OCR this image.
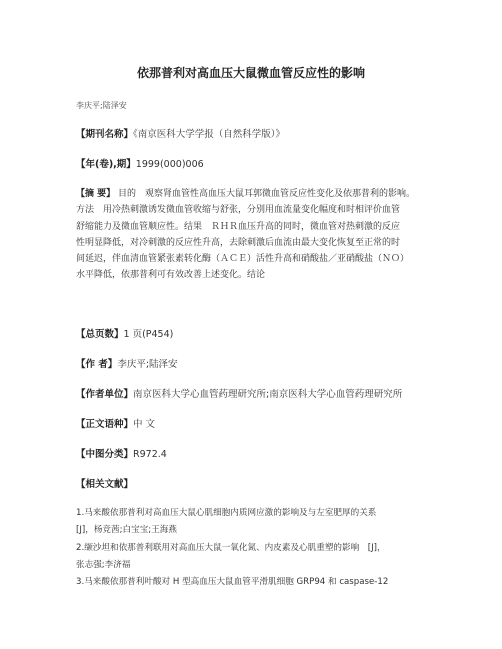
依那普利对高血压大鼠微血管反应性的影响
李庆平;陆泽安
【期刊名称】《南京医科大学学报（自然科学版）》
【年(卷),期】1999(000)006
【摘 要】 目的　观察肾血管性高血压大鼠耳郭微血管反应性变化及依那普利的影响。
方法　用冷热刺激诱发微血管收缩与舒张，分别用血流量变化幅度和时相评价血管
舒缩能力及微血管顺应性。结果　ＲＨＲ血压升高的同时，微血管对热刺激的反应
性明显降低，对冷刺激的反应性升高，去除刺激后血流由最大变化恢复至正常的时
间延迟，伴血清血管紧张素转化酶（ＡＣＥ）活性升高和硝酸盐／亚硝酸盐（ＮＯ）
水平降低，依那普利可有效改善上述变化。结论
【总页数】1 页(P454)
【作 者】李庆平;陆泽安
【作者单位】南京医科大学心血管药理研究所;南京医科大学心血管药理研究所
【正文语种】中 文
【中图分类】R972.4
【相关文献】
1.马来酸依那普利对高血压大鼠心肌细胞内质网应激的影响及与左室肥厚的关系
[J]，杨竞茜;白宝宝;王海燕
2.缬沙坦和依那普利联用对高血压大鼠一氧化氮、内皮素及心肌重塑的影响　[J]，
张志强;李济福
3.马来酸依那普利叶酸对 H 型高血压大鼠血管平滑肌细胞 GRP94 和 caspase-12
